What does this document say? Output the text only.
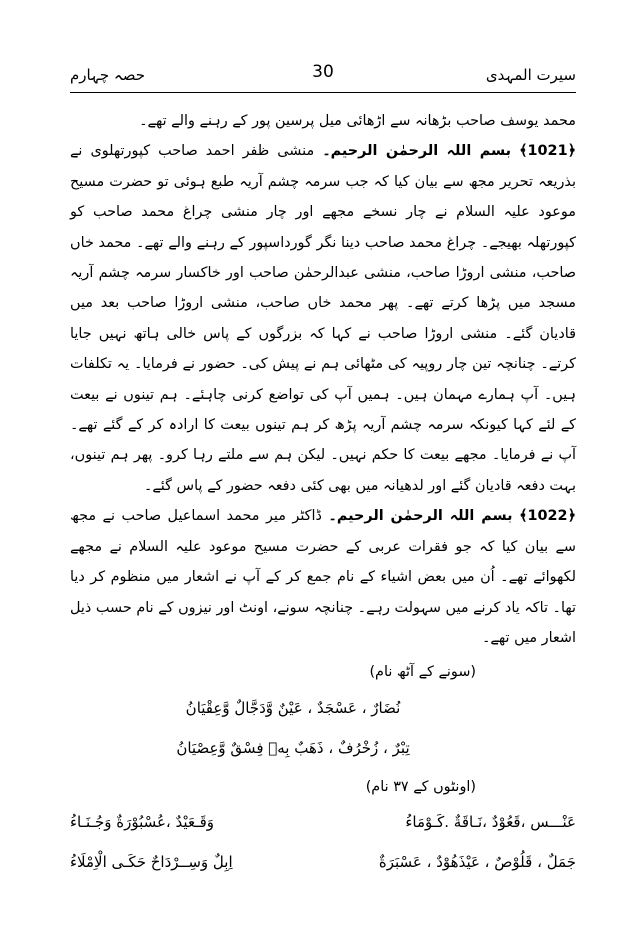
سیرت المہدی
30
حصہ چہارم

محمد یوسف صاحب بڑھانہ سے اڑھائی میل پرسین پور کے رہنے والے تھے۔

﴿1021﴾ بسم اللہ الرحمٰن الرحیم۔ منشی ظفر احمد صاحب کپورتھلوی نے بذریعہ تحریر مجھ سے بیان کیا کہ جب سرمہ چشم آریہ طبع ہوئی تو حضرت مسیح موعود علیہ السلام نے چار نسخے مجھے اور چار منشی چراغ محمد صاحب کو کپورتھلہ بھیجے۔ چراغ محمد صاحب دینا نگر گورداسپور کے رہنے والے تھے۔ محمد خاں صاحب، منشی اروڑا صاحب، منشی عبدالرحمٰن صاحب اور خاکسار سرمہ چشم آریہ مسجد میں پڑھا کرتے تھے۔ پھر محمد خاں صاحب، منشی اروڑا صاحب بعد میں قادیان گئے۔ منشی اروڑا صاحب نے کہا کہ بزرگوں کے پاس خالی ہاتھ نہیں جایا کرتے۔ چنانچہ تین چار روپیہ کی مٹھائی ہم نے پیش کی۔ حضور نے فرمایا۔ یہ تکلفات ہیں۔ آپ ہمارے مہمان ہیں۔ ہمیں آپ کی تواضع کرنی چاہئے۔ ہم تینوں نے بیعت کے لئے کہا کیونکہ سرمہ چشم آریہ پڑھ کر ہم تینوں بیعت کا ارادہ کر کے گئے تھے۔ آپ نے فرمایا۔ مجھے بیعت کا حکم نہیں۔ لیکن ہم سے ملتے رہا کرو۔ پھر ہم تینوں، بہت دفعہ قادیان گئے اور لدھیانہ میں بھی کئی دفعہ حضور کے پاس گئے۔

﴿1022﴾ بسم اللہ الرحمٰن الرحیم۔ ڈاکٹر میر محمد اسماعیل صاحب نے مجھ سے بیان کیا کہ جو فقرات عربی کے حضرت مسیح موعود علیہ السلام نے مجھے لکھوائے تھے۔ اُن میں بعض اشیاء کے نام جمع کر کے آپ نے اشعار میں منظوم کر دیا تھا۔ تاکہ یاد کرنے میں سہولت رہے۔ چنانچہ سونے، اونٹ اور نیزوں کے نام حسب ذیل اشعار میں تھے۔

(سونے کے آٹھ نام)

نُضَارٌ ، عَسْجَدٌ ، عَيْنٌ وَّدَجَّالٌ وَّعِقْيَانُ

تِبْرٌ ، زُخْرُفٌ ، ذَهَبٌ بِهٖ فِسْقٌ وَّعِصْيَانُ

(اونٹوں کے ۳۷ نام)

عَنْـــس ،قَعُوْدٌ ،نَـاقَةٌ .كَـوْمَاءُ
وَقَـعَيْدٌ ،عُسْبُوْرَةٌ وَجُـنَـاءُ
جَمَلٌ ، قَلُوْصٌ ، عَيْذَهُوْدٌ ، عَسْبَرَةٌ
اِبِلٌ وَسِــرْدَاحٌ حَكَـى الْاِمْلَاءُ
